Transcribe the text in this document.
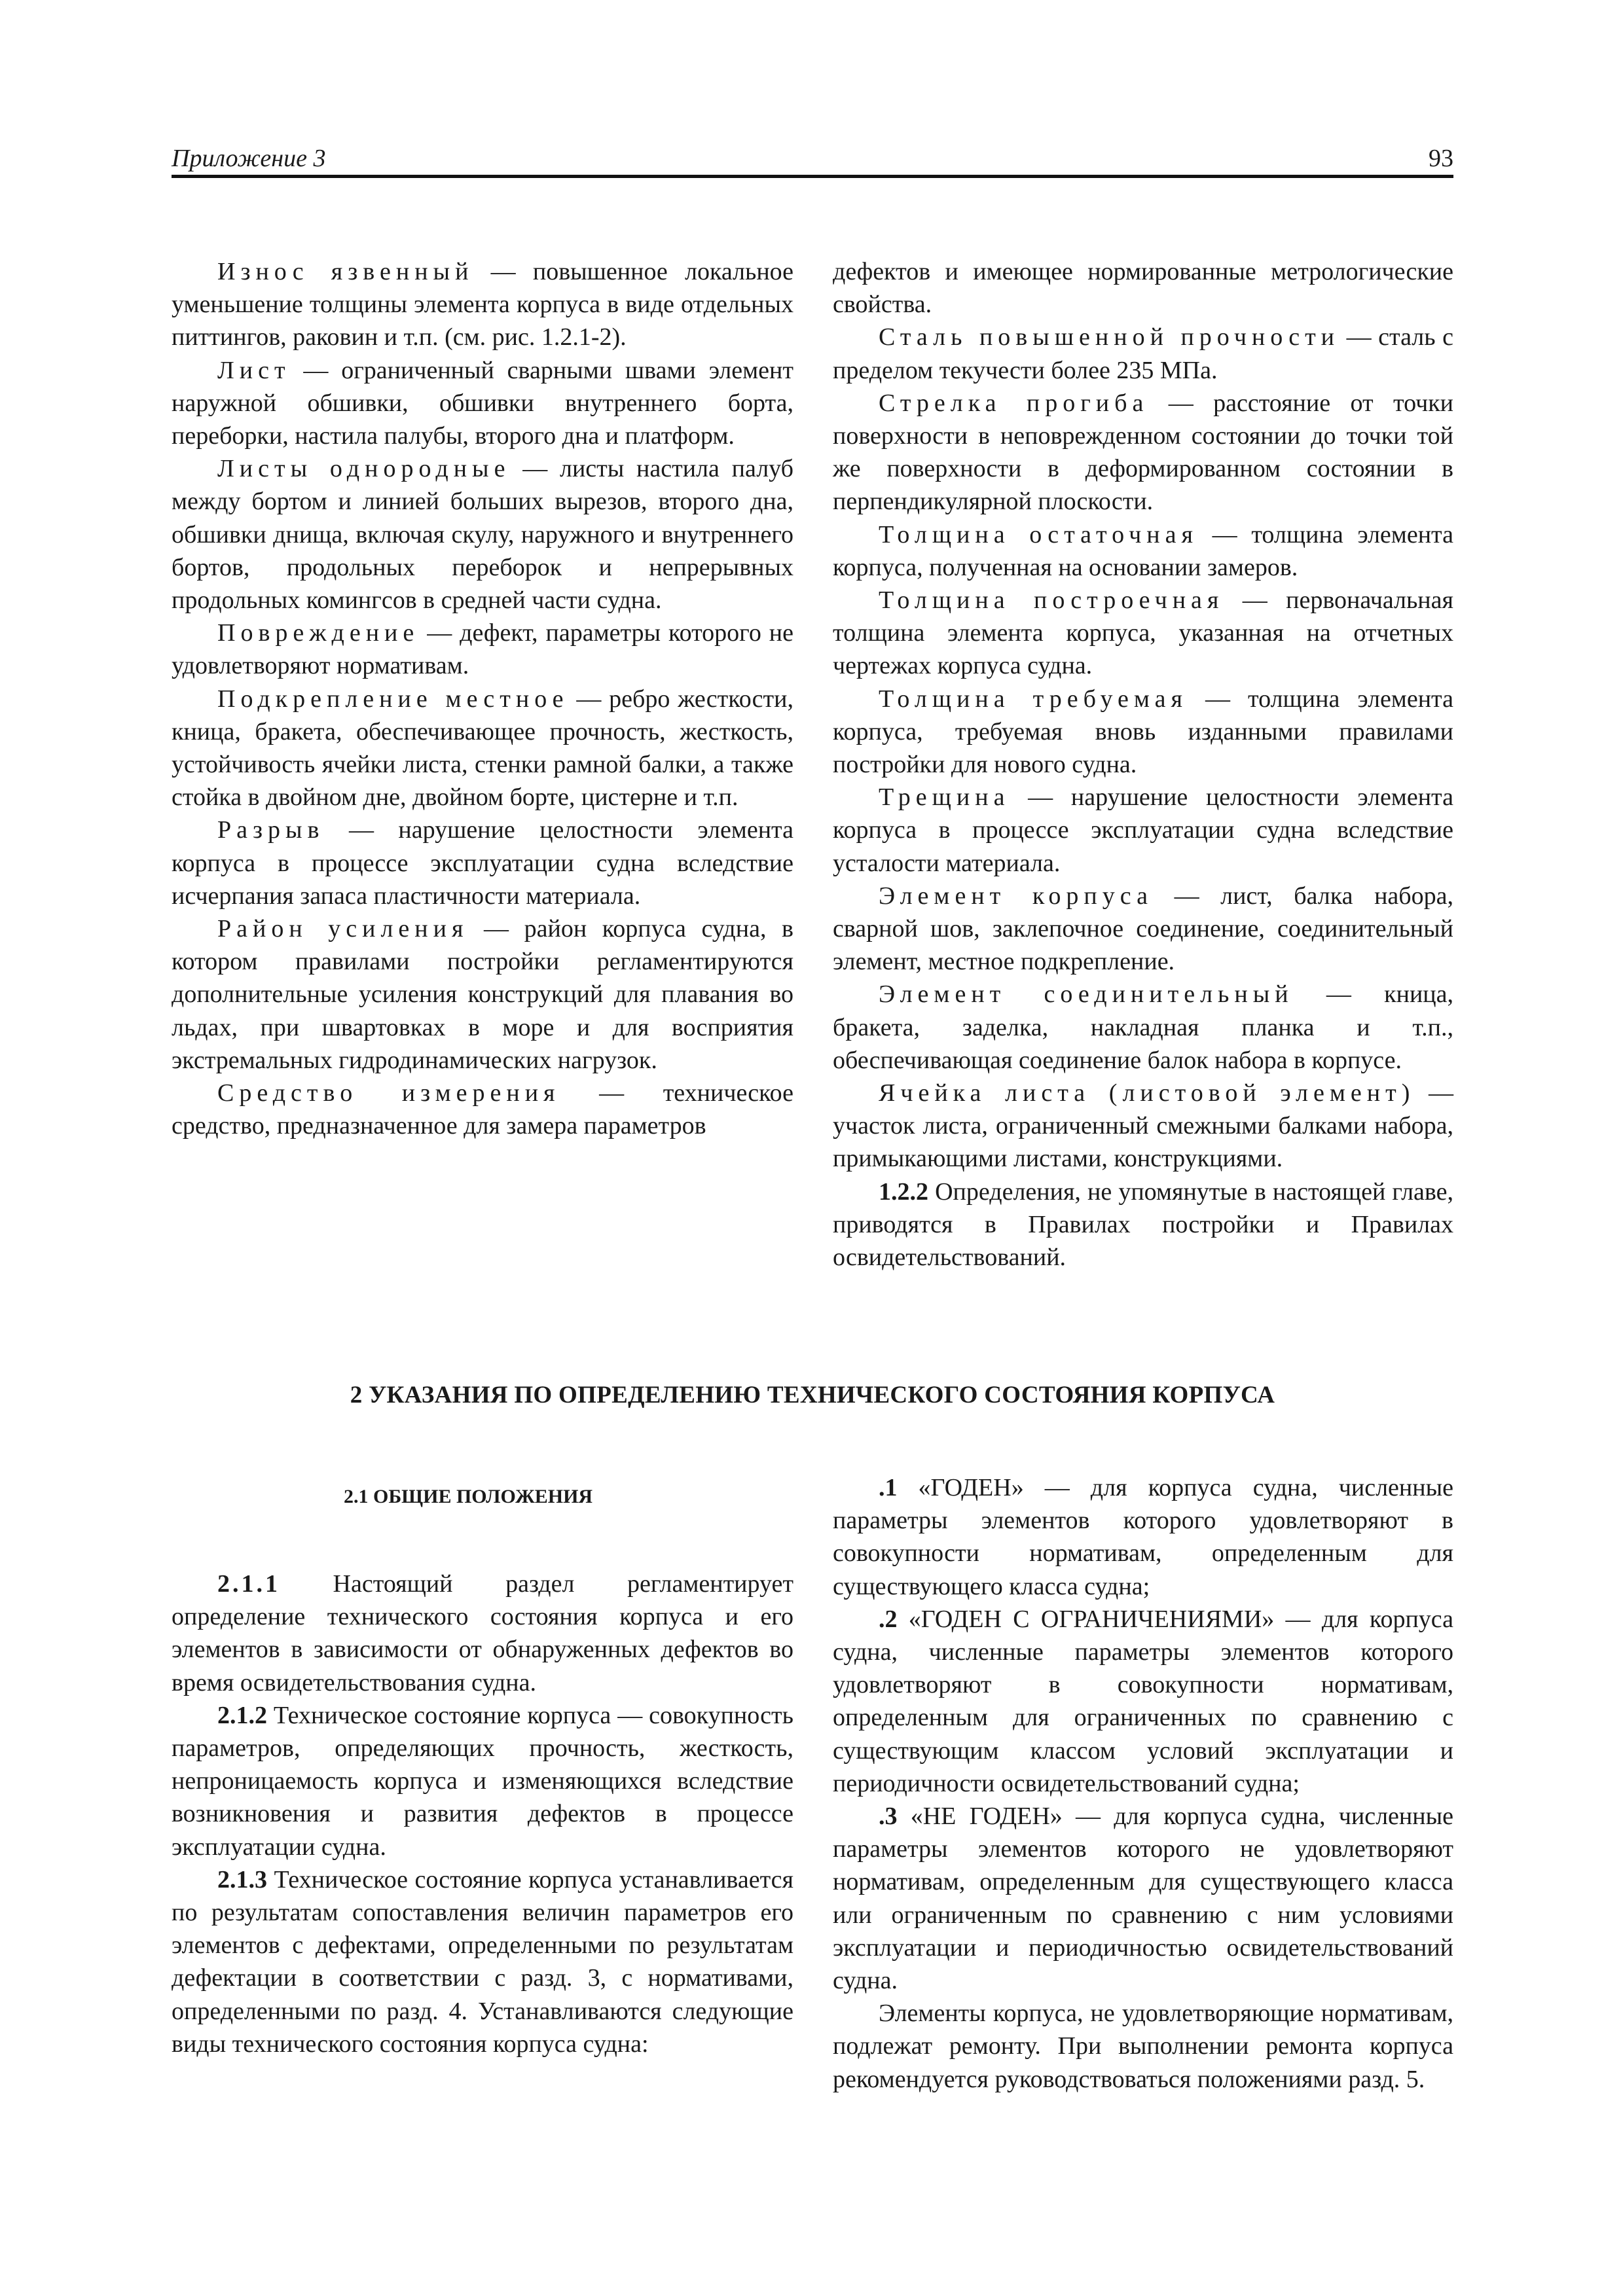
Приложение 3	93

Износ язвенный — повышенное локальное уменьшение толщины элемента корпуса в виде отдельных питтингов, раковин и т.п. (см. рис. 1.2.1-2).

Лист — ограниченный сварными швами элемент наружной обшивки, обшивки внутреннего борта, переборки, настила палубы, второго дна и платформ.

Листы однородные — листы настила палуб между бортом и линией больших вырезов, второго дна, обшивки днища, включая скулу, наружного и внутреннего бортов, продольных переборок и непрерывных продольных комингсов в средней части судна.

Повреждение — дефект, параметры которого не удовлетворяют нормативам.

Подкрепление местное — ребро жесткости, кница, бракета, обеспечивающее прочность, жесткость, устойчивость ячейки листа, стенки рамной балки, а также стойка в двойном дне, двойном борте, цистерне и т.п.

Разрыв — нарушение целостности элемента корпуса в процессе эксплуатации судна вследствие исчерпания запаса пластичности материала.

Район усиления — район корпуса судна, в котором правилами постройки регламентируются дополнительные усиления конструкций для плавания во льдах, при швартовках в море и для восприятия экстремальных гидродинамических нагрузок.

Средство измерения — техническое средство, предназначенное для замера параметров

дефектов и имеющее нормированные метрологические свойства.

Сталь повышенной прочности — сталь с пределом текучести более 235 МПа.

Стрелка прогиба — расстояние от точки поверхности в неповрежденном состоянии до точки той же поверхности в деформированном состоянии в перпендикулярной плоскости.

Толщина остаточная — толщина элемента корпуса, полученная на основании замеров.

Толщина построечная — первоначальная толщина элемента корпуса, указанная на отчетных чертежах корпуса судна.

Толщина требуемая — толщина элемента корпуса, требуемая вновь изданными правилами постройки для нового судна.

Трещина — нарушение целостности элемента корпуса в процессе эксплуатации судна вследствие усталости материала.

Элемент корпуса — лист, балка набора, сварной шов, заклепочное соединение, соединительный элемент, местное подкрепление.

Элемент соединительный — кница, бракета, заделка, накладная планка и т.п., обеспечивающая соединение балок набора в корпусе.

Ячейка листа (листовой элемент) — участок листа, ограниченный смежными балками набора, примыкающими листами, конструкциями.

1.2.2 Определения, не упомянутые в настоящей главе, приводятся в Правилах постройки и Правилах освидетельствований.

2 УКАЗАНИЯ ПО ОПРЕДЕЛЕНИЮ ТЕХНИЧЕСКОГО СОСТОЯНИЯ КОРПУСА
2.1 ОБЩИЕ ПОЛОЖЕНИЯ

2.1.1 Настоящий раздел регламентирует определение технического состояния корпуса и его элементов в зависимости от обнаруженных дефектов во время освидетельствования судна.

2.1.2 Техническое состояние корпуса — совокупность параметров, определяющих прочность, жесткость, непроницаемость корпуса и изменяющихся вследствие возникновения и развития дефектов в процессе эксплуатации судна.

2.1.3 Техническое состояние корпуса устанавливается по результатам сопоставления величин параметров его элементов с дефектами, определенными по результатам дефектации в соответствии с разд. 3, с нормативами, определенными по разд. 4. Устанавливаются следующие виды технического состояния корпуса судна:

.1 «ГОДЕН» — для корпуса судна, численные параметры элементов которого удовлетворяют в совокупности нормативам, определенным для существующего класса судна;

.2 «ГОДЕН С ОГРАНИЧЕНИЯМИ» — для корпуса судна, численные параметры элементов которого удовлетворяют в совокупности нормативам, определенным для ограниченных по сравнению с существующим классом условий эксплуатации и периодичности освидетельствований судна;

.3 «НЕ ГОДЕН» — для корпуса судна, численные параметры элементов которого не удовлетворяют нормативам, определенным для существующего класса или ограниченным по сравнению с ним условиями эксплуатации и периодичностью освидетельствований судна.

Элементы корпуса, не удовлетворяющие нормативам, подлежат ремонту. При выполнении ремонта корпуса рекомендуется руководствоваться положениями разд. 5.
